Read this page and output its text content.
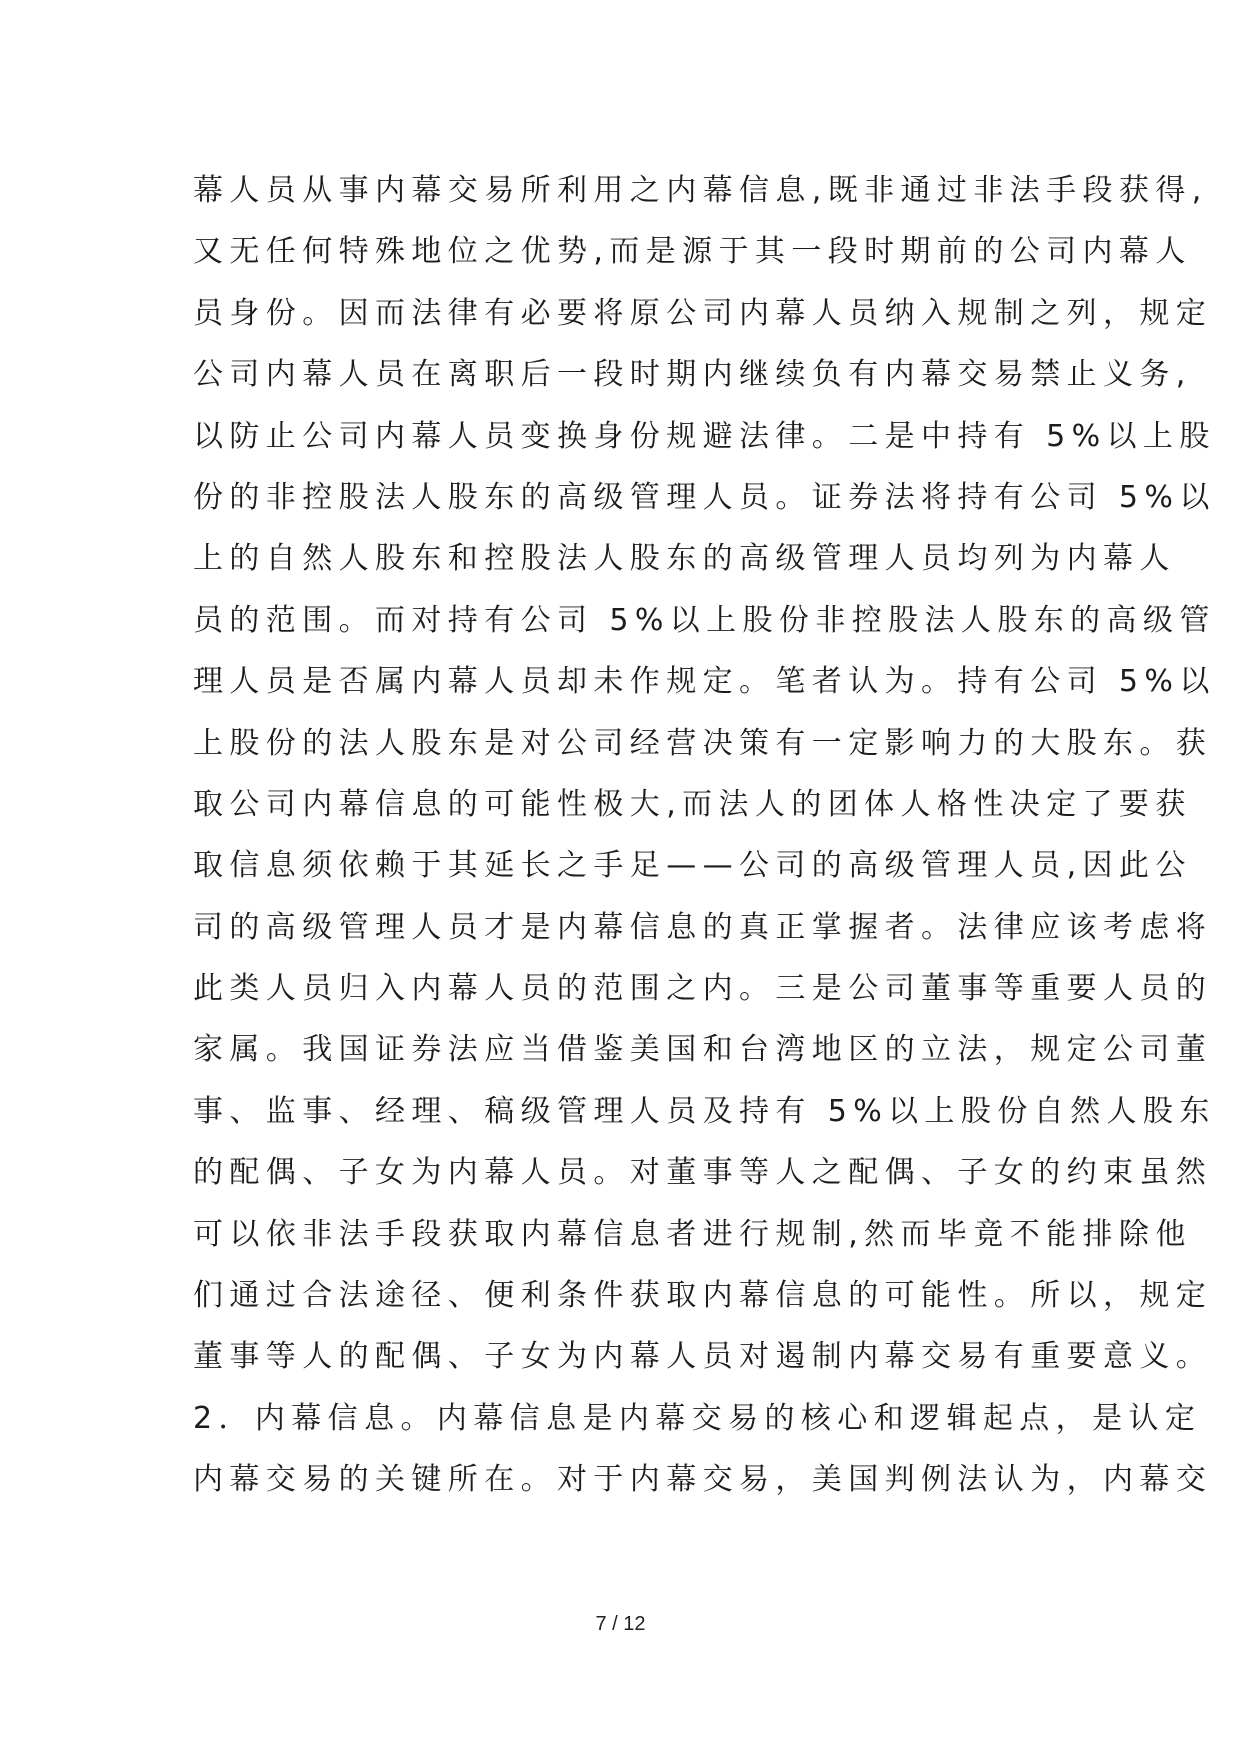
幕人员从事内幕交易所利用之内幕信息,既非通过非法手段获得,
又无任何特殊地位之优势,而是源于其一段时期前的公司内幕人
员身份。因而法律有必要将原公司内幕人员纳入规制之列，规定
公司内幕人员在离职后一段时期内继续负有内幕交易禁止义务,
以防止公司内幕人员变换身份规避法律。二是中持有 5%以上股
份的非控股法人股东的高级管理人员。证券法将持有公司 5%以
上的自然人股东和控股法人股东的高级管理人员均列为内幕人
员的范围。而对持有公司 5%以上股份非控股法人股东的高级管
理人员是否属内幕人员却未作规定。笔者认为。持有公司 5%以
上股份的法人股东是对公司经营决策有一定影响力的大股东。获
取公司内幕信息的可能性极大,而法人的团体人格性决定了要获
取信息须依赖于其延长之手足——公司的高级管理人员,因此公
司的高级管理人员才是内幕信息的真正掌握者。法律应该考虑将
此类人员归入内幕人员的范围之内。三是公司董事等重要人员的
家属。我国证券法应当借鉴美国和台湾地区的立法，规定公司董
事、监事、经理、稿级管理人员及持有 5%以上股份自然人股东
的配偶、子女为内幕人员。对董事等人之配偶、子女的约束虽然
可以依非法手段获取内幕信息者进行规制,然而毕竟不能排除他
们通过合法途径、便利条件获取内幕信息的可能性。所以，规定
董事等人的配偶、子女为内幕人员对遏制内幕交易有重要意义。
2．内幕信息。内幕信息是内幕交易的核心和逻辑起点，是认定
内幕交易的关键所在。对于内幕交易，美国判例法认为，内幕交
7 / 12
